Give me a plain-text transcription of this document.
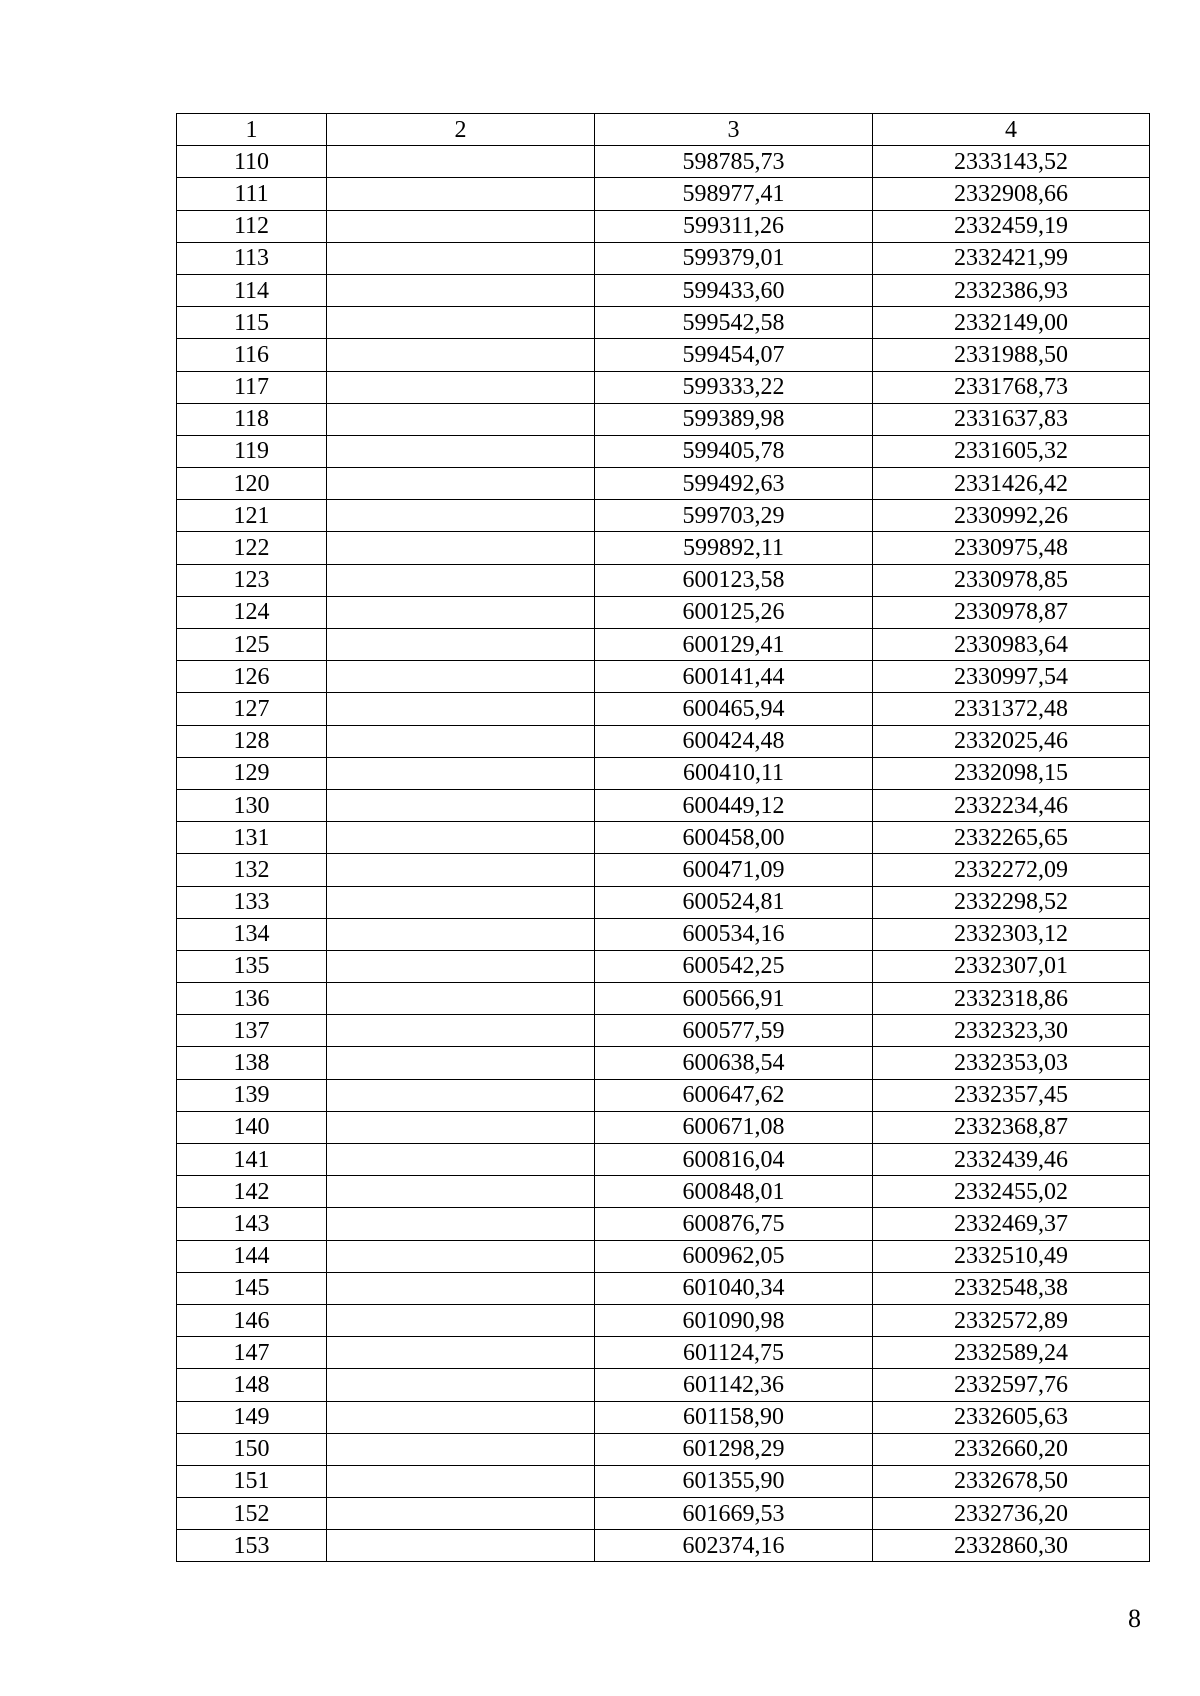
1	2	3	4
110		598785,73	2333143,52
111		598977,41	2332908,66
112		599311,26	2332459,19
113		599379,01	2332421,99
114		599433,60	2332386,93
115		599542,58	2332149,00
116		599454,07	2331988,50
117		599333,22	2331768,73
118		599389,98	2331637,83
119		599405,78	2331605,32
120		599492,63	2331426,42
121		599703,29	2330992,26
122		599892,11	2330975,48
123		600123,58	2330978,85
124		600125,26	2330978,87
125		600129,41	2330983,64
126		600141,44	2330997,54
127		600465,94	2331372,48
128		600424,48	2332025,46
129		600410,11	2332098,15
130		600449,12	2332234,46
131		600458,00	2332265,65
132		600471,09	2332272,09
133		600524,81	2332298,52
134		600534,16	2332303,12
135		600542,25	2332307,01
136		600566,91	2332318,86
137		600577,59	2332323,30
138		600638,54	2332353,03
139		600647,62	2332357,45
140		600671,08	2332368,87
141		600816,04	2332439,46
142		600848,01	2332455,02
143		600876,75	2332469,37
144		600962,05	2332510,49
145		601040,34	2332548,38
146		601090,98	2332572,89
147		601124,75	2332589,24
148		601142,36	2332597,76
149		601158,90	2332605,63
150		601298,29	2332660,20
151		601355,90	2332678,50
152		601669,53	2332736,20
153		602374,16	2332860,30
8
